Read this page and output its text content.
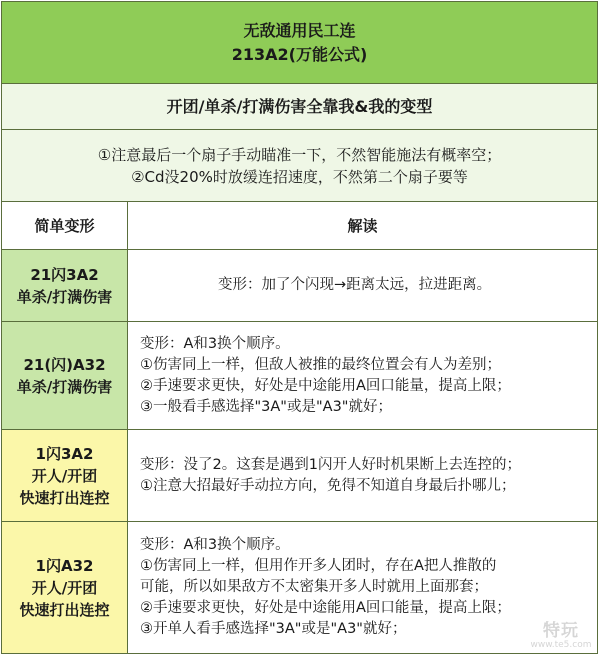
无敌通用民工连
213A2(万能公式)
开团/单杀/打满伤害全靠我&我的变型
①注意最后一个扇子手动瞄准一下，不然智能施法有概率空；
②Cd没20%时放缓连招速度，不然第二个扇子要等
简单变形	解读
21闪3A2
单杀/打满伤害
变形：加了个闪现→距离太远，拉进距离。
21(闪)A32
单杀/打满伤害
变形：A和3换个顺序。
①伤害同上一样，但敌人被推的最终位置会有人为差别；
②手速要求更快，好处是中途能用A回口能量，提高上限；
③一般看手感选择"3A"或是"A3"就好；
1闪3A2
开人/开团
快速打出连控
变形：没了2。这套是遇到1闪开人好时机果断上去连控的；
①注意大招最好手动拉方向，免得不知道自身最后扑哪儿；
1闪A32
开人/开团
快速打出连控
变形：A和3换个顺序。
①伤害同上一样，但用作开多人团时，存在A把人推散的
可能，所以如果敌方不太密集开多人时就用上面那套；
②手速要求更快，好处是中途能用A回口能量，提高上限；
③开单人看手感选择"3A"或是"A3"就好；	特玩
www.te5.com
